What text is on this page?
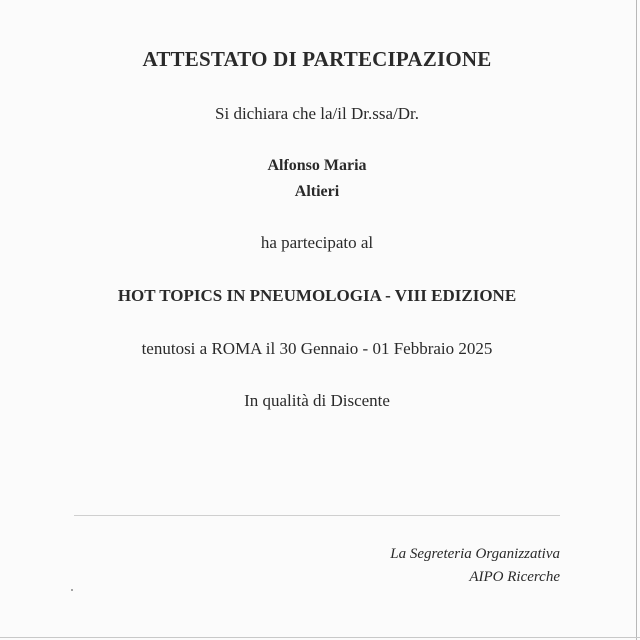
ATTESTATO DI PARTECIPAZIONE
Si dichiara che la/il Dr.ssa/Dr.
Alfonso Maria
Altieri
ha partecipato al
HOT TOPICS IN PNEUMOLOGIA - VIII EDIZIONE
tenutosi a ROMA il 30 Gennaio - 01 Febbraio 2025
In qualità di Discente
La Segreteria Organizzativa
AIPO Ricerche
